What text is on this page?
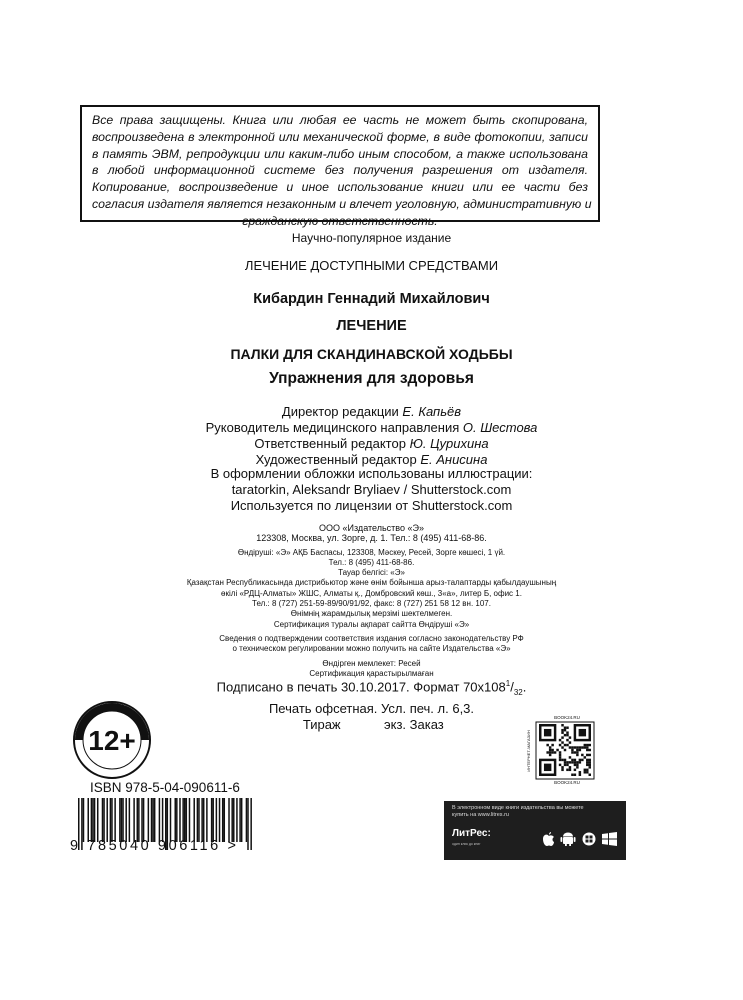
Все права защищены. Книга или любая ее часть не может быть скопирована,
воспроизведена в электронной или механической форме, в виде фотокопии, записи
в память ЭВМ, репродукции или каким-либо иным способом, а также использована
в любой информационной системе без получения разрешения от издателя.
Копирование, воспроизведение и иное использование книги или ее части без
согласия издателя является незаконным и влечет уголовную, административную и
гражданскую ответственность.
Научно-популярное издание
ЛЕЧЕНИЕ ДОСТУПНЫМИ СРЕДСТВАМИ
Кибардин Геннадий Михайлович
ЛЕЧЕНИЕ
ПАЛКИ ДЛЯ СКАНДИНАВСКОЙ ХОДЬБЫ
Упражнения для здоровья
Директор редакции Е. Капьёв
Руководитель медицинского направления О. Шестова
Ответственный редактор Ю. Цурихина
Художественный редактор Е. Анисина
В оформлении обложки использованы иллюстрации:
taratorkin, Aleksandr Bryliaev / Shutterstock.com
Используется по лицензии от Shutterstock.com
ООО «Издательство «Э»
123308, Москва, ул. Зорге, д. 1. Тел.: 8 (495) 411-68-86.
Өндіруші: «Э» АҚБ Баспасы, 123308, Мәскеу, Ресей, Зорге көшесі, 1 үй.
Тел.: 8 (495) 411-68-86.
Тауар белгісі: «Э»
Қазақстан Республикасында дистрибьютор және өнім бойынша арыз-талаптарды қабылдаушының
өкілі «РДЦ-Алматы» ЖШС, Алматы қ., Домбровский көш., 3«а», литер Б, офис 1.
Тел.: 8 (727) 251-59-89/90/91/92, факс: 8 (727) 251 58 12 вн. 107.
Өнімнің жарамдылық мерзімі шектелмеген.
Сертификация туралы ақпарат сайтта Өндіруші «Э»
Сведения о подтверждении соответствия издания согласно законодательству РФ
о техническом регулировании можно получить на сайте Издательства «Э»
Өндірген мемлекет: Ресей
Сертификация қарастырылмаған
Подписано в печать 30.10.2017. Формат $70х108^1/_{32}$.
Печать офсетная. Усл. печ. л. 6,3.
Тираж	экз. Заказ
12+
BOOK24.RU
BOOK24.RU
ИНТЕРНЕТ-МАГАЗИН
ISBN 978-5-04-090611-6
9 785040 906116 >
В электронном виде книги издательства вы можете
купить на www.litres.ru
ЛитРес:
один клик до книг
